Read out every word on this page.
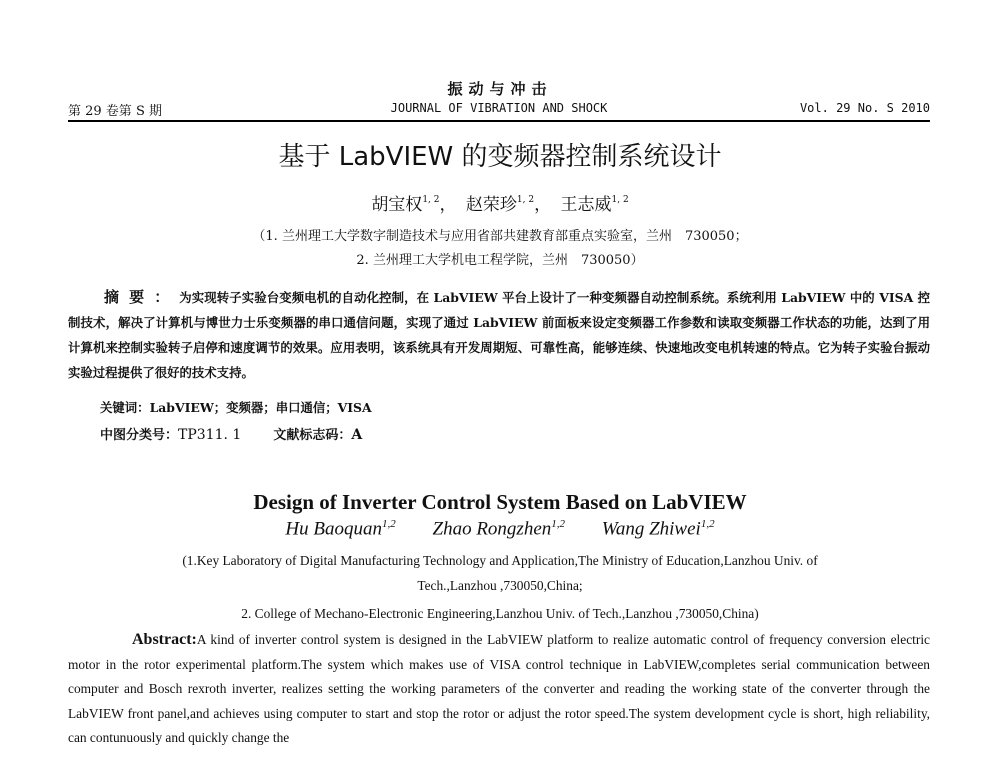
振动与冲击
第 29 卷第 S 期	JOURNAL OF VIBRATION AND SHOCK	Vol. 29 No. S 2010
基于 LabVIEW 的变频器控制系统设计
胡宝权$^{1, 2}$， 赵荣珍$^{1, 2}$， 王志威$^{1, 2}$
（1. 兰州理工大学数字制造技术与应用省部共建教育部重点实验室，兰州　730050；
2. 兰州理工大学机电工程学院，兰州　730050）
摘要：为实现转子实验台变频电机的自动化控制，在 LabVIEW 平台上设计了一种变频器自动控制系统。系统利用 LabVIEW 中的 VISA 控制技术，解决了计算机与博世力士乐变频器的串口通信问题，实现了通过 LabVIEW 前面板来设定变频器工作参数和读取变频器工作状态的功能，达到了用计算机来控制实验转子启停和速度调节的效果。应用表明，该系统具有开发周期短、可靠性高，能够连续、快速地改变电机转速的特点。它为转子实验台振动实验过程提供了很好的技术支持。
关键词：LabVIEW；变频器；串口通信；VISA
中图分类号：TP311. 1 文献标志码：A
Design of Inverter Control System Based on LabVIEW
Hu Baoquan$^{1,2}$ Zhao Rongzhen$^{1,2}$ Wang Zhiwei$^{1,2}$
(1.Key Laboratory of Digital Manufacturing Technology and Application,The Ministry of Education,Lanzhou Univ. of
Tech.,Lanzhou ,730050,China;
2. College of Mechano-Electronic Engineering,Lanzhou Univ. of Tech.,Lanzhou ,730050,China)
Abstract:A kind of inverter control system is designed in the LabVIEW platform to realize automatic control of frequency conversion electric motor in the rotor experimental platform.The system which makes use of VISA control technique in LabVIEW,completes serial communication between computer and Bosch rexroth inverter, realizes setting the working parameters of the converter and reading the working state of the converter through the LabVIEW front panel,and achieves using computer to start and stop the rotor or adjust the rotor speed.The system development cycle is short, high reliability, can contunuously and quickly change the
